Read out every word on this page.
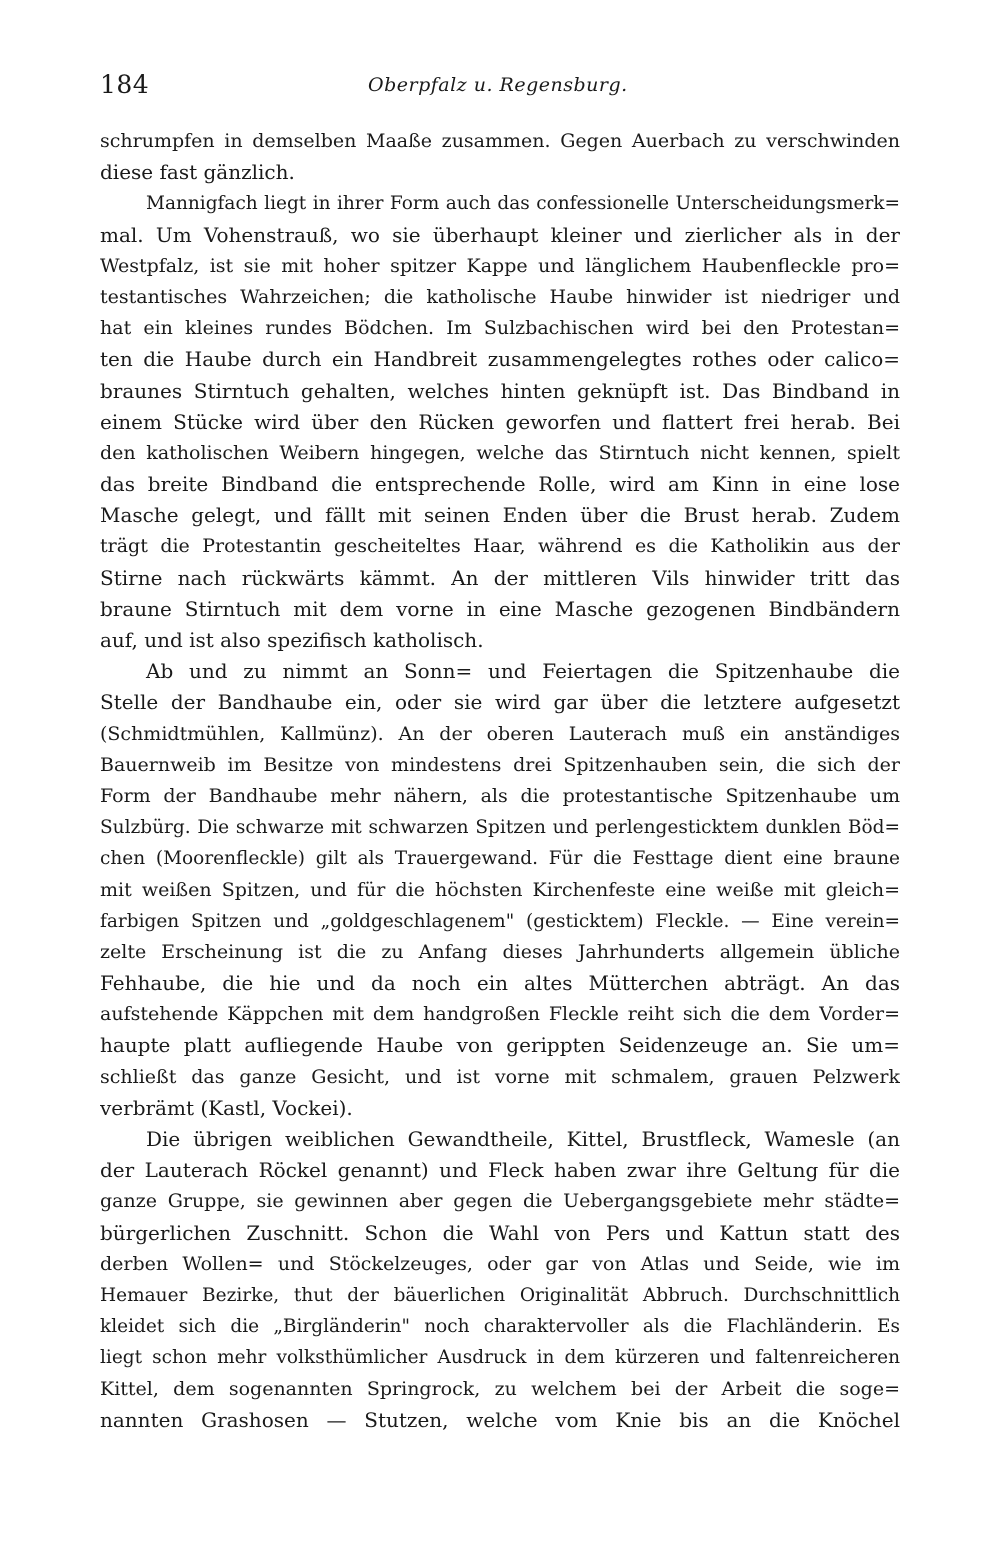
184	Oberpfalz u. Regensburg.
schrumpfen in demselben Maaße zusammen. Gegen Auerbach zu verschwinden
diese fast gänzlich.
Mannigfach liegt in ihrer Form auch das confessionelle Unterscheidungsmerk=
mal. Um Vohenstrauß, wo sie überhaupt kleiner und zierlicher als in der
Westpfalz, ist sie mit hoher spitzer Kappe und länglichem Haubenfleckle pro=
testantisches Wahrzeichen; die katholische Haube hinwider ist niedriger und
hat ein kleines rundes Bödchen. Im Sulzbachischen wird bei den Protestan=
ten die Haube durch ein Handbreit zusammengelegtes rothes oder calico=
braunes Stirntuch gehalten, welches hinten geknüpft ist. Das Bindband in
einem Stücke wird über den Rücken geworfen und flattert frei herab. Bei
den katholischen Weibern hingegen, welche das Stirntuch nicht kennen, spielt
das breite Bindband die entsprechende Rolle, wird am Kinn in eine lose
Masche gelegt, und fällt mit seinen Enden über die Brust herab. Zudem
trägt die Protestantin gescheiteltes Haar, während es die Katholikin aus der
Stirne nach rückwärts kämmt. An der mittleren Vils hinwider tritt das
braune Stirntuch mit dem vorne in eine Masche gezogenen Bindbändern
auf, und ist also spezifisch katholisch.
Ab und zu nimmt an Sonn= und Feiertagen die Spitzenhaube die
Stelle der Bandhaube ein, oder sie wird gar über die letztere aufgesetzt
(Schmidtmühlen, Kallmünz). An der oberen Lauterach muß ein anständiges
Bauernweib im Besitze von mindestens drei Spitzenhauben sein, die sich der
Form der Bandhaube mehr nähern, als die protestantische Spitzenhaube um
Sulzbürg. Die schwarze mit schwarzen Spitzen und perlengesticktem dunklen Böd=
chen (Moorenfleckle) gilt als Trauergewand. Für die Festtage dient eine braune
mit weißen Spitzen, und für die höchsten Kirchenfeste eine weiße mit gleich=
farbigen Spitzen und „goldgeschlagenem" (gesticktem) Fleckle. — Eine verein=
zelte Erscheinung ist die zu Anfang dieses Jahrhunderts allgemein übliche
Fehhaube, die hie und da noch ein altes Mütterchen abträgt. An das
aufstehende Käppchen mit dem handgroßen Fleckle reiht sich die dem Vorder=
haupte platt aufliegende Haube von gerippten Seidenzeuge an. Sie um=
schließt das ganze Gesicht, und ist vorne mit schmalem, grauen Pelzwerk
verbrämt (Kastl, Vockei).
Die übrigen weiblichen Gewandtheile, Kittel, Brustfleck, Wamesle (an
der Lauterach Röckel genannt) und Fleck haben zwar ihre Geltung für die
ganze Gruppe, sie gewinnen aber gegen die Uebergangsgebiete mehr städte=
bürgerlichen Zuschnitt. Schon die Wahl von Pers und Kattun statt des
derben Wollen= und Stöckelzeuges, oder gar von Atlas und Seide, wie im
Hemauer Bezirke, thut der bäuerlichen Originalität Abbruch. Durchschnittlich
kleidet sich die „Birgländerin" noch charaktervoller als die Flachländerin. Es
liegt schon mehr volksthümlicher Ausdruck in dem kürzeren und faltenreicheren
Kittel, dem sogenannten Springrock, zu welchem bei der Arbeit die soge=
nannten Grashosen — Stutzen, welche vom Knie bis an die Knöchel
